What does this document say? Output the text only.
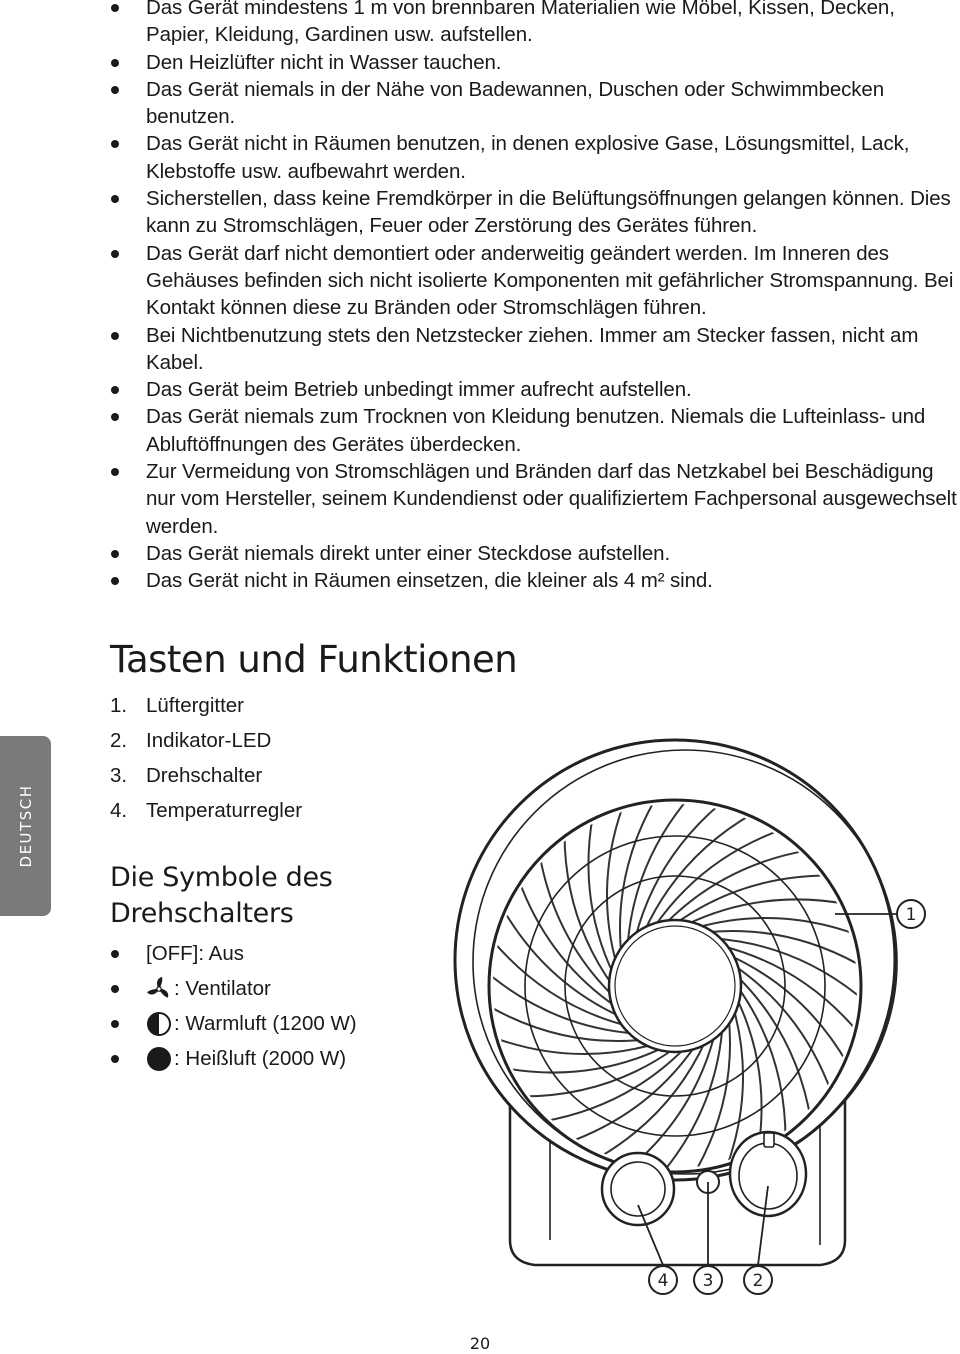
Das Gerät mindestens 1 m von brennbaren Materialien wie Möbel, Kissen, Decken, Papier, Kleidung, Gardinen usw. aufstellen.
Den Heizlüfter nicht in Wasser tauchen.
Das Gerät niemals in der Nähe von Badewannen, Duschen oder Schwimmbecken benutzen.
Das Gerät nicht in Räumen benutzen, in denen explosive Gase, Lösungsmittel, Lack, Klebstoffe usw. aufbewahrt werden.
Sicherstellen, dass keine Fremdkörper in die Belüftungsöffnungen gelangen können. Dies kann zu Stromschlägen, Feuer oder Zerstörung des Gerätes führen.
Das Gerät darf nicht demontiert oder anderweitig geändert werden. Im Inneren des Gehäuses befinden sich nicht isolierte Komponenten mit gefährlicher Stromspannung. Bei Kontakt können diese zu Bränden oder Stromschlägen führen.
Bei Nichtbenutzung stets den Netzstecker ziehen. Immer am Stecker fassen, nicht am Kabel.
Das Gerät beim Betrieb unbedingt immer aufrecht aufstellen.
Das Gerät niemals zum Trocknen von Kleidung benutzen. Niemals die Lufteinlass- und Abluftöffnungen des Gerätes überdecken.
Zur Vermeidung von Stromschlägen und Bränden darf das Netzkabel bei Beschädigung nur vom Hersteller, seinem Kundendienst oder qualifiziertem Fachpersonal ausgewechselt werden.
Das Gerät niemals direkt unter einer Steckdose aufstellen.
Das Gerät nicht in Räumen einsetzen, die kleiner als 4 m² sind.
Tasten und Funktionen
1. Lüftergitter
2. Indikator-LED
3. Drehschalter
4. Temperaturregler
Die Symbole des Drehschalters
[OFF]: Aus
: Ventilator
: Warmluft (1200 W)
: Heißluft (2000 W)
1
4 3 2
DEUTSCH
20
